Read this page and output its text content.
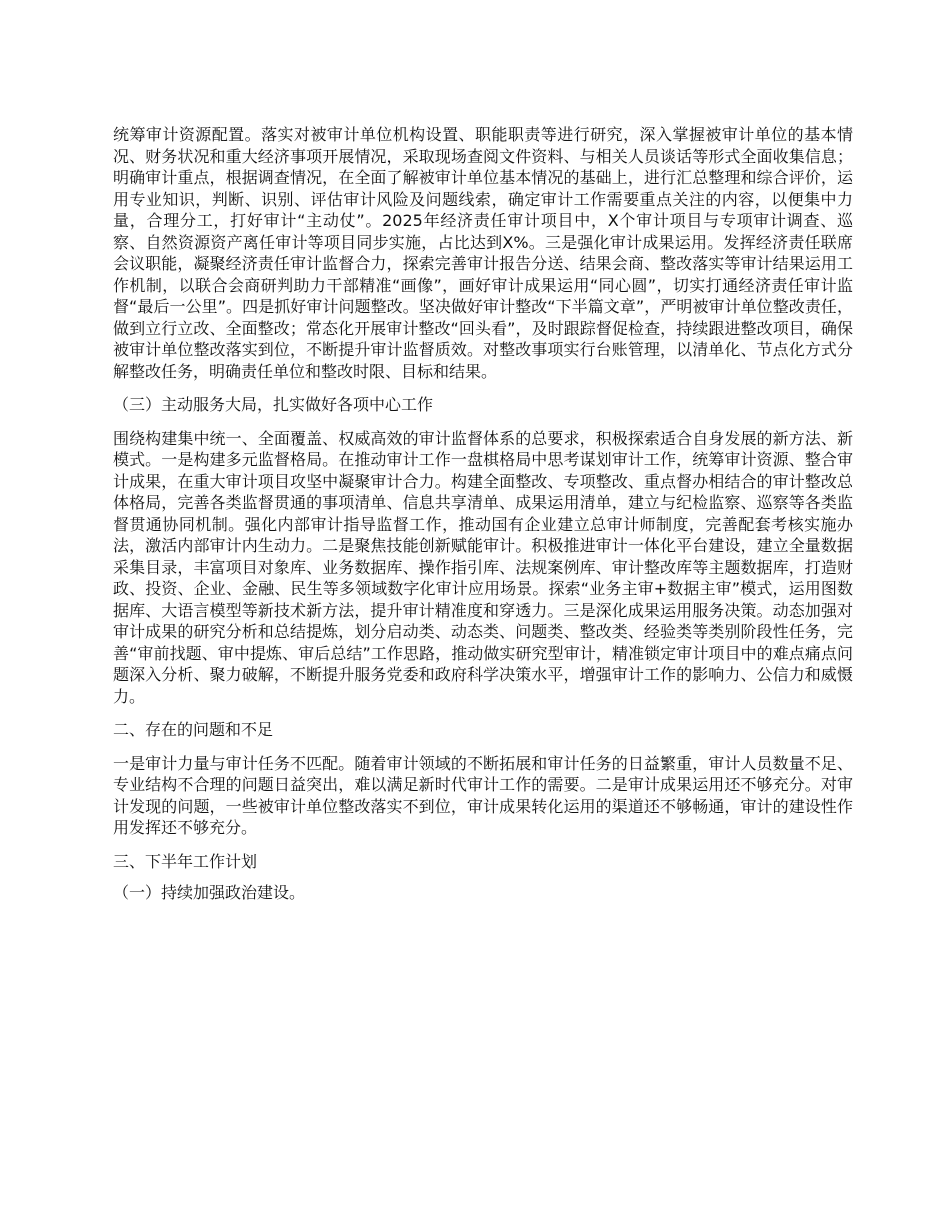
统筹审计资源配置。落实对被审计单位机构设置、职能职责等进行研究，深入掌握被审计单位的基本情况、财务状况和重大经济事项开展情况，采取现场查阅文件资料、与相关人员谈话等形式全面收集信息；明确审计重点，根据调查情况，在全面了解被审计单位基本情况的基础上，进行汇总整理和综合评价，运用专业知识，判断、识别、评估审计风险及问题线索，确定审计工作需要重点关注的内容，以便集中力量，合理分工，打好审计“主动仗”。2025年经济责任审计项目中，X个审计项目与专项审计调查、巡察、自然资源资产离任审计等项目同步实施，占比达到X%。三是强化审计成果运用。发挥经济责任联席会议职能，凝聚经济责任审计监督合力，探索完善审计报告分送、结果会商、整改落实等审计结果运用工作机制，以联合会商研判助力干部精准“画像”，画好审计成果运用“同心圆”，切实打通经济责任审计监督“最后一公里”。四是抓好审计问题整改。坚决做好审计整改“下半篇文章”，严明被审计单位整改责任，做到立行立改、全面整改；常态化开展审计整改“回头看”，及时跟踪督促检查，持续跟进整改项目，确保被审计单位整改落实到位，不断提升审计监督质效。对整改事项实行台账管理，以清单化、节点化方式分解整改任务，明确责任单位和整改时限、目标和结果。

（三）主动服务大局，扎实做好各项中心工作

围绕构建集中统一、全面覆盖、权威高效的审计监督体系的总要求，积极探索适合自身发展的新方法、新模式。一是构建多元监督格局。在推动审计工作一盘棋格局中思考谋划审计工作，统筹审计资源、整合审计成果，在重大审计项目攻坚中凝聚审计合力。构建全面整改、专项整改、重点督办相结合的审计整改总体格局，完善各类监督贯通的事项清单、信息共享清单、成果运用清单，建立与纪检监察、巡察等各类监督贯通协同机制。强化内部审计指导监督工作，推动国有企业建立总审计师制度，完善配套考核实施办法，激活内部审计内生动力。二是聚焦技能创新赋能审计。积极推进审计一体化平台建设，建立全量数据采集目录，丰富项目对象库、业务数据库、操作指引库、法规案例库、审计整改库等主题数据库，打造财政、投资、企业、金融、民生等多领域数字化审计应用场景。探索“业务主审+数据主审”模式，运用图数据库、大语言模型等新技术新方法，提升审计精准度和穿透力。三是深化成果运用服务决策。动态加强对审计成果的研究分析和总结提炼，划分启动类、动态类、问题类、整改类、经验类等类别阶段性任务，完善“审前找题、审中提炼、审后总结”工作思路，推动做实研究型审计，精准锁定审计项目中的难点痛点问题深入分析、聚力破解，不断提升服务党委和政府科学决策水平，增强审计工作的影响力、公信力和威慑力。

二、存在的问题和不足

一是审计力量与审计任务不匹配。随着审计领域的不断拓展和审计任务的日益繁重，审计人员数量不足、专业结构不合理的问题日益突出，难以满足新时代审计工作的需要。二是审计成果运用还不够充分。对审计发现的问题，一些被审计单位整改落实不到位，审计成果转化运用的渠道还不够畅通，审计的建设性作用发挥还不够充分。

三、下半年工作计划

（一）持续加强政治建设。
